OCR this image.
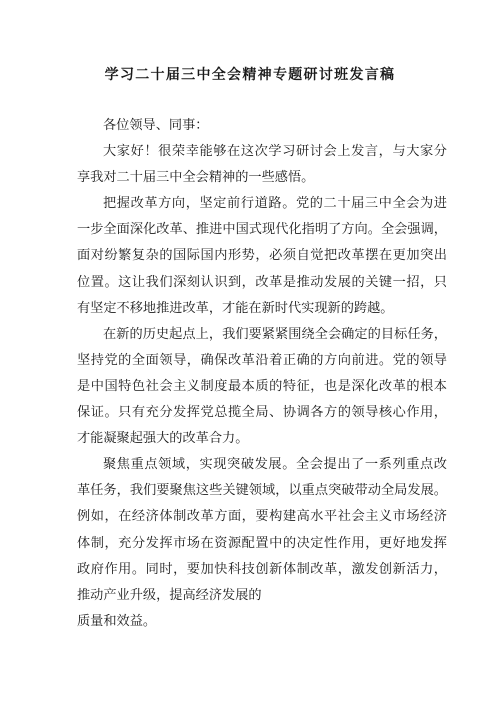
学习二十届三中全会精神专题研讨班发言稿
各位领导、同事：
大家好！很荣幸能够在这次学习研讨会上发言，与大家分
享我对二十届三中全会精神的一些感悟。
把握改革方向，坚定前行道路。党的二十届三中全会为进
一步全面深化改革、推进中国式现代化指明了方向。全会强调，
面对纷繁复杂的国际国内形势，必须自觉把改革摆在更加突出
位置。这让我们深刻认识到，改革是推动发展的关键一招，只
有坚定不移地推进改革，才能在新时代实现新的跨越。
在新的历史起点上，我们要紧紧围绕全会确定的目标任务，
坚持党的全面领导，确保改革沿着正确的方向前进。党的领导
是中国特色社会主义制度最本质的特征，也是深化改革的根本
保证。只有充分发挥党总揽全局、协调各方的领导核心作用，
才能凝聚起强大的改革合力。
聚焦重点领域，实现突破发展。全会提出了一系列重点改
革任务，我们要聚焦这些关键领域，以重点突破带动全局发展。
例如，在经济体制改革方面，要构建高水平社会主义市场经济
体制，充分发挥市场在资源配置中的决定性作用，更好地发挥
政府作用。同时，要加快科技创新体制改革，激发创新活力，
推动产业升级，提高经济发展的
质量和效益。
